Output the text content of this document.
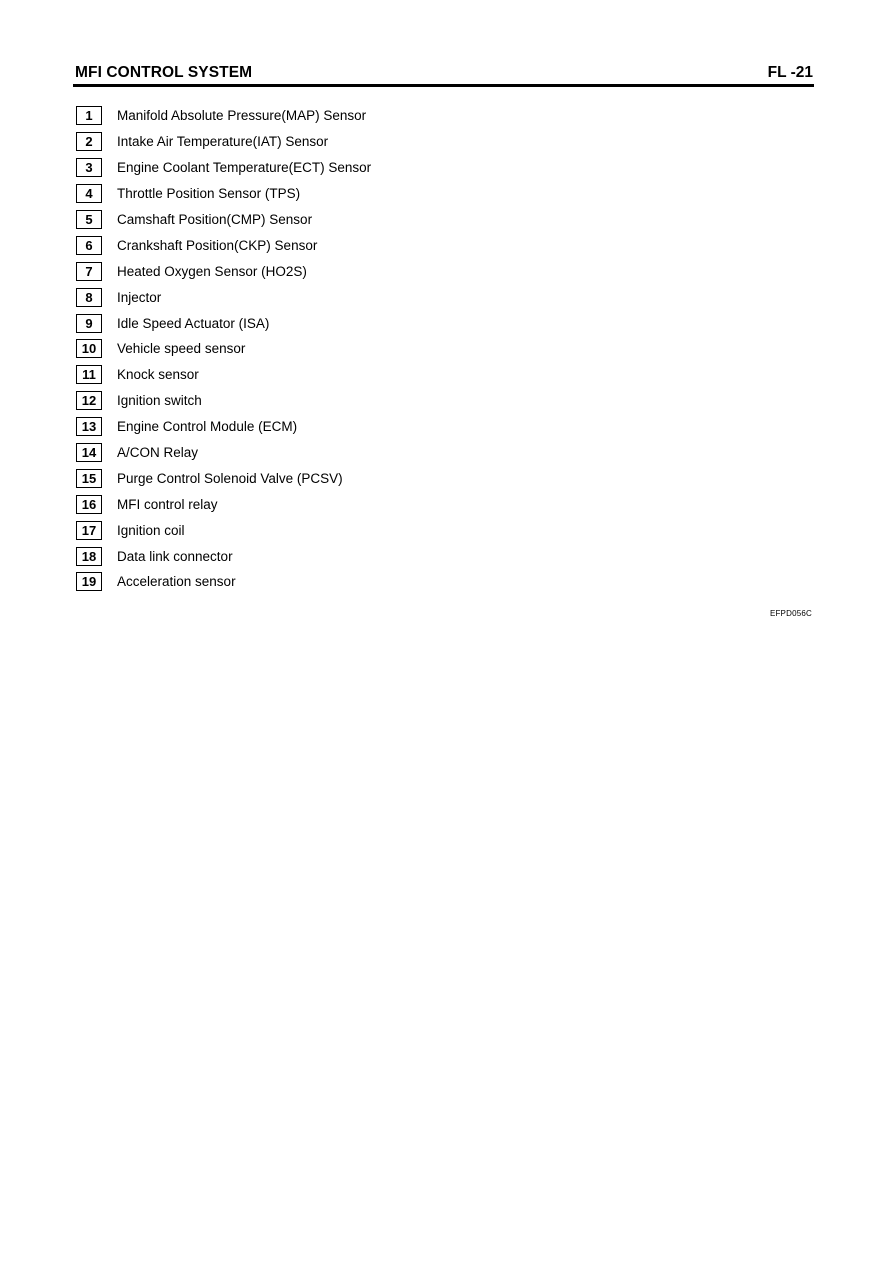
MFI CONTROL SYSTEM	FL -21
1	Manifold Absolute Pressure(MAP) Sensor
2	Intake Air Temperature(IAT) Sensor
3	Engine Coolant Temperature(ECT) Sensor
4	Throttle Position Sensor (TPS)
5	Camshaft Position(CMP) Sensor
6	Crankshaft Position(CKP) Sensor
7	Heated Oxygen Sensor (HO2S)
8	Injector
9	Idle Speed Actuator (ISA)
10	Vehicle speed sensor
11	Knock sensor
12	Ignition switch
13	Engine Control Module (ECM)
14	A/CON Relay
15	Purge Control Solenoid Valve (PCSV)
16	MFI control relay
17	Ignition coil
18	Data link connector
19	Acceleration sensor
EFPD056C
